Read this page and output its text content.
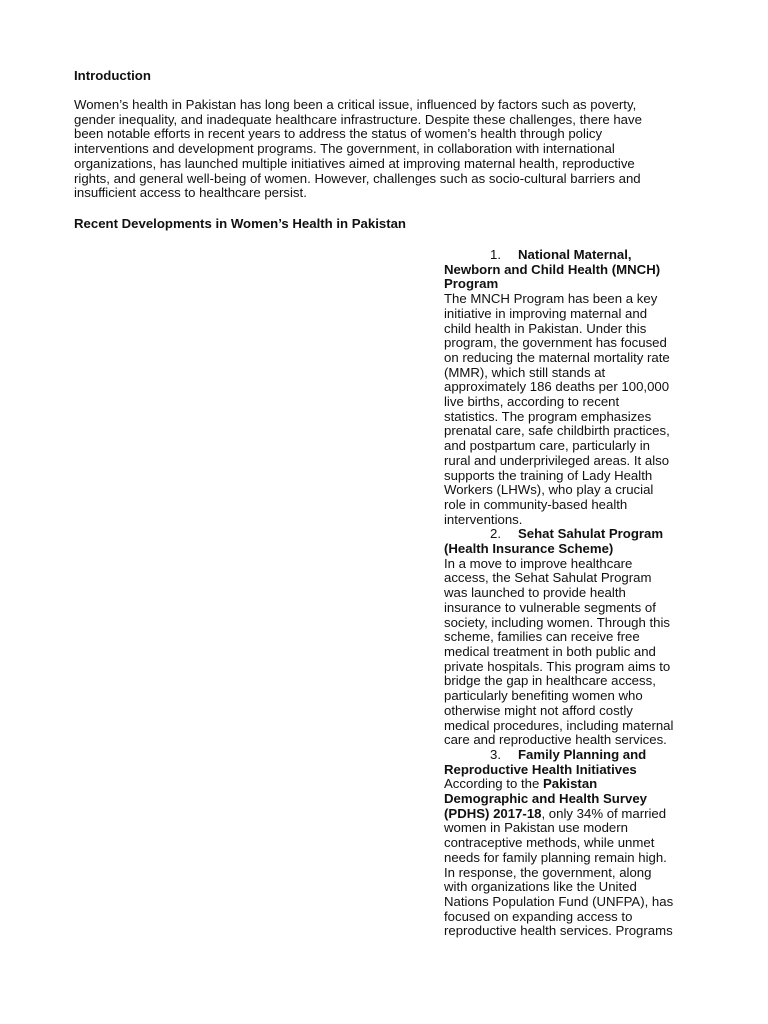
Introduction

Women’s health in Pakistan has long been a critical issue, influenced by factors such as poverty,
gender inequality, and inadequate healthcare infrastructure. Despite these challenges, there have
been notable efforts in recent years to address the status of women’s health through policy
interventions and development programs. The government, in collaboration with international
organizations, has launched multiple initiatives aimed at improving maternal health, reproductive
rights, and general well-being of women. However, challenges such as socio-cultural barriers and
insufficient access to healthcare persist.

Recent Developments in Women’s Health in Pakistan
1. National Maternal,
Newborn and Child Health (MNCH)
Program
The MNCH Program has been a key
initiative in improving maternal and
child health in Pakistan. Under this
program, the government has focused
on reducing the maternal mortality rate
(MMR), which still stands at
approximately 186 deaths per 100,000
live births, according to recent
statistics. The program emphasizes
prenatal care, safe childbirth practices,
and postpartum care, particularly in
rural and underprivileged areas. It also
supports the training of Lady Health
Workers (LHWs), who play a crucial
role in community-based health
interventions.
2. Sehat Sahulat Program
(Health Insurance Scheme)
In a move to improve healthcare
access, the Sehat Sahulat Program
was launched to provide health
insurance to vulnerable segments of
society, including women. Through this
scheme, families can receive free
medical treatment in both public and
private hospitals. This program aims to
bridge the gap in healthcare access,
particularly benefiting women who
otherwise might not afford costly
medical procedures, including maternal
care and reproductive health services.
3. Family Planning and
Reproductive Health Initiatives
According to the Pakistan
Demographic and Health Survey
(PDHS) 2017-18, only 34% of married
women in Pakistan use modern
contraceptive methods, while unmet
needs for family planning remain high.
In response, the government, along
with organizations like the United
Nations Population Fund (UNFPA), has
focused on expanding access to
reproductive health services. Programs
